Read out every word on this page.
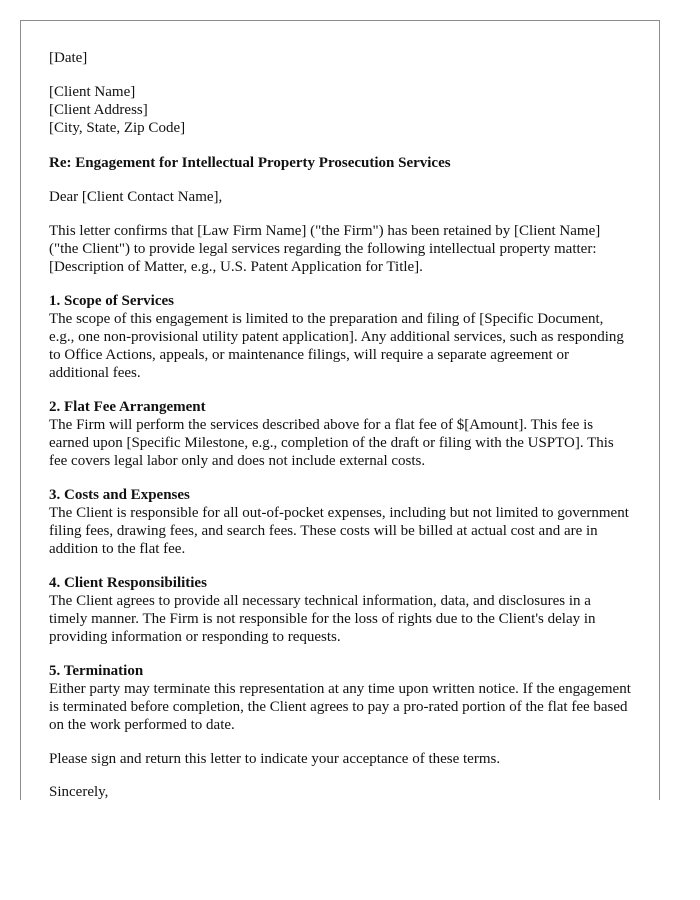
[Date]
[Client Name]
[Client Address]
[City, State, Zip Code]
Re: Engagement for Intellectual Property Prosecution Services
Dear [Client Contact Name],
This letter confirms that [Law Firm Name] ("the Firm") has been retained by [Client Name] ("the Client") to provide legal services regarding the following intellectual property matter: [Description of Matter, e.g., U.S. Patent Application for Title].
1. Scope of Services
The scope of this engagement is limited to the preparation and filing of [Specific Document, e.g., one non-provisional utility patent application]. Any additional services, such as responding to Office Actions, appeals, or maintenance filings, will require a separate agreement or additional fees.
2. Flat Fee Arrangement
The Firm will perform the services described above for a flat fee of $[Amount]. This fee is earned upon [Specific Milestone, e.g., completion of the draft or filing with the USPTO]. This fee covers legal labor only and does not include external costs.
3. Costs and Expenses
The Client is responsible for all out-of-pocket expenses, including but not limited to government filing fees, drawing fees, and search fees. These costs will be billed at actual cost and are in addition to the flat fee.
4. Client Responsibilities
The Client agrees to provide all necessary technical information, data, and disclosures in a timely manner. The Firm is not responsible for the loss of rights due to the Client's delay in providing information or responding to requests.
5. Termination
Either party may terminate this representation at any time upon written notice. If the engagement is terminated before completion, the Client agrees to pay a pro-rated portion of the flat fee based on the work performed to date.
Please sign and return this letter to indicate your acceptance of these terms.
Sincerely,
